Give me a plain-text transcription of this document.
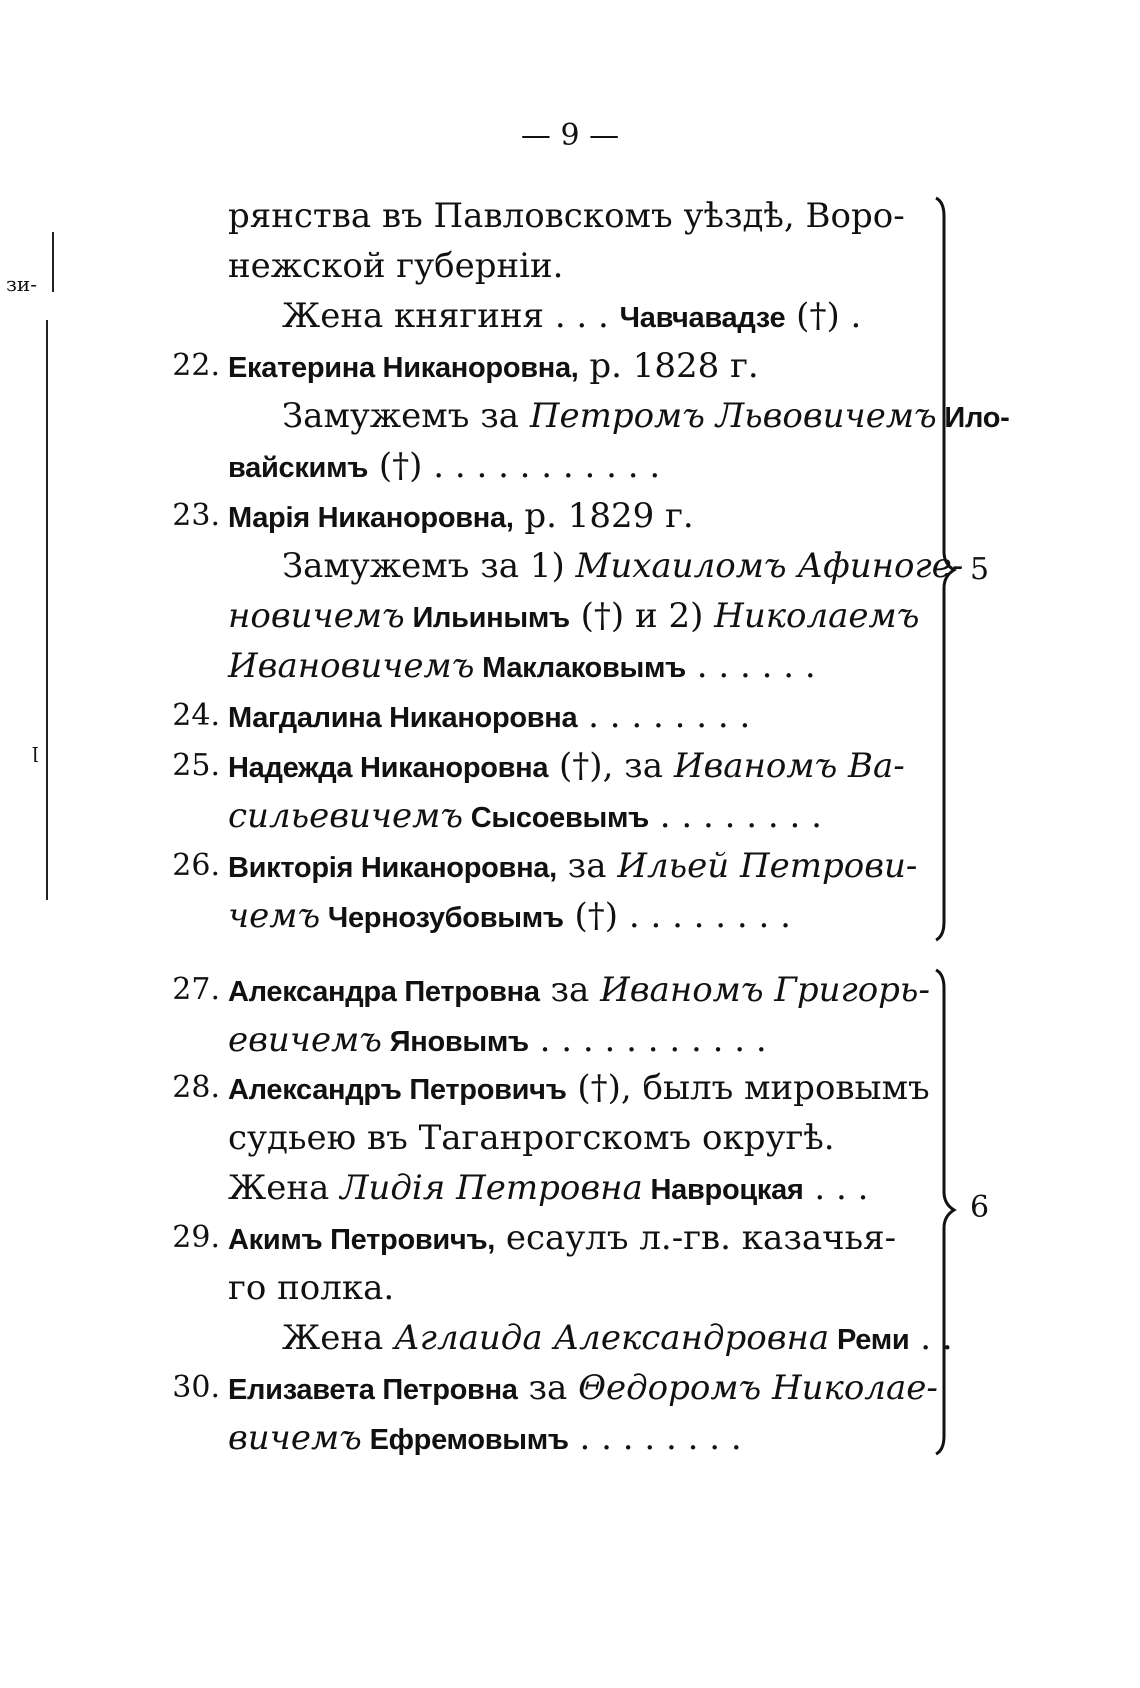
— 9 —
зи-
ꞁ
рянства въ Павловскомъ уѣздѣ, Воро-
нежской губерніи.
Жена княгиня . . . Чавчавадзе (†) .
22. Екатерина Никаноровна, р. 1828 г.
Замужемъ за Петромъ Львовичемъ Ило-
вайскимъ (†) . . . . . . . . . . .
23. Марія Никаноровна, р. 1829 г.
Замужемъ за 1) Михаиломъ Афиноге-
новичемъ Ильинымъ (†) и 2) Николаемъ
Ивановичемъ Маклаковымъ . . . . . .
24. Магдалина Никаноровна . . . . . . . .
25. Надежда Никаноровна (†), за Иваномъ Ва-
сильевичемъ Сысоевымъ . . . . . . . .
26. Викторія Никаноровна, за Ильей Петрови-
чемъ Чернозубовымъ (†) . . . . . . . .
27. Александра Петровна за Иваномъ Григорь-
евичемъ Яновымъ . . . . . . . . . . .
28. Александръ Петровичъ (†), былъ мировымъ
судьею въ Таганрогскомъ округѣ.
Жена Лидія Петровна Навроцкая . . .
29. Акимъ Петровичъ, есаулъ л.-гв. казачья-
го полка.
Жена Аглаида Александровна Реми . .
30. Елизавета Петровна за Θедоромъ Николае-
вичемъ Ефремовымъ . . . . . . . .
5
6
